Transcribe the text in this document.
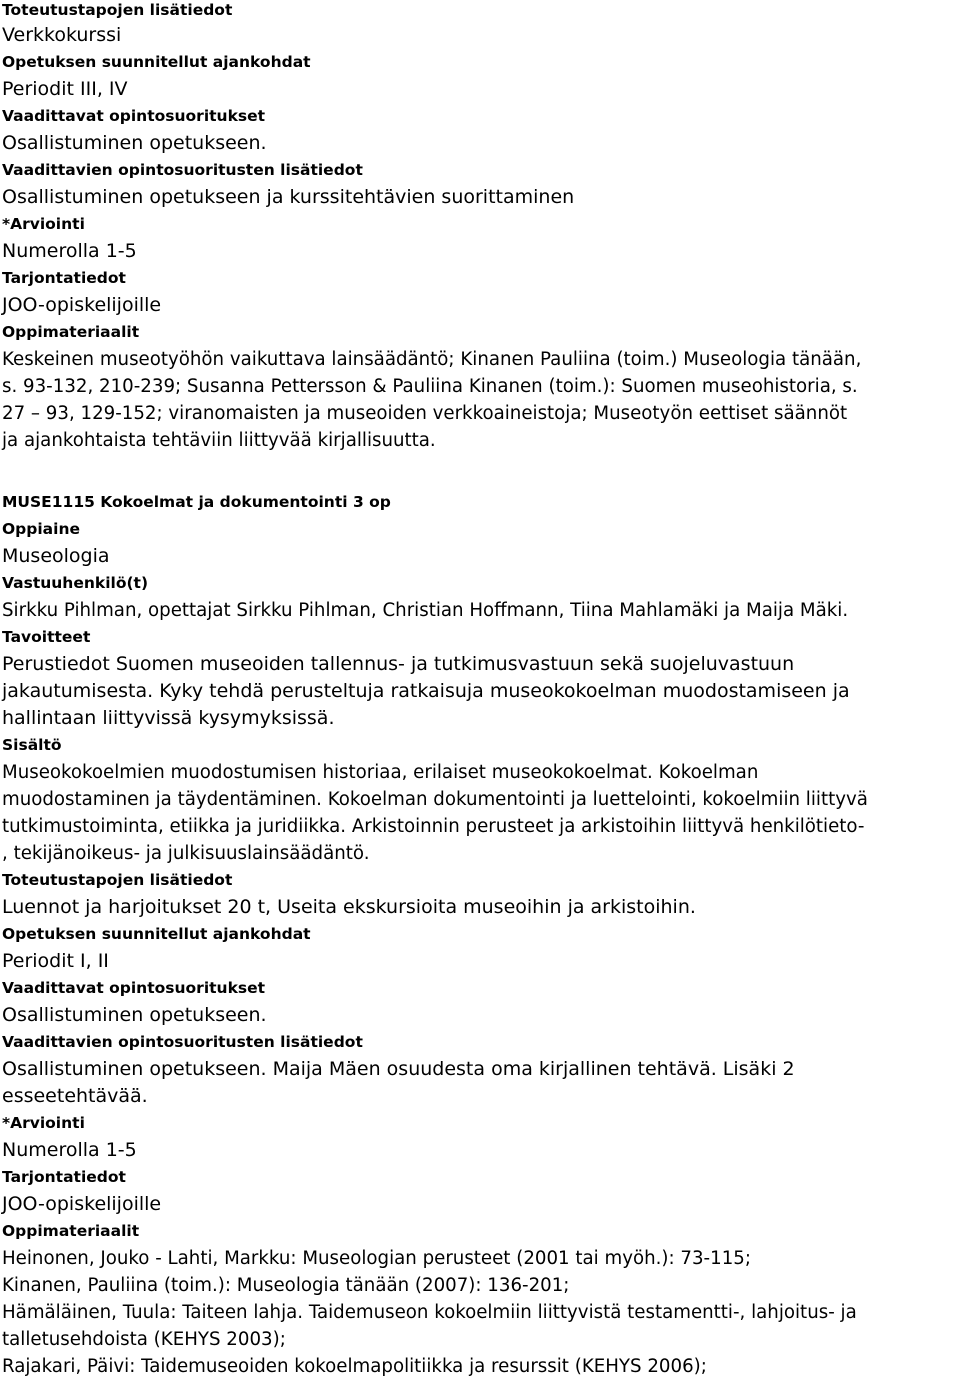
Toteutustapojen lisätiedot
Verkkokurssi
Opetuksen suunnitellut ajankohdat
Periodit III, IV
Vaadittavat opintosuoritukset
Osallistuminen opetukseen.
Vaadittavien opintosuoritusten lisätiedot
Osallistuminen opetukseen ja kurssitehtävien suorittaminen
*Arviointi
Numerolla 1-5
Tarjontatiedot
JOO-opiskelijoille
Oppimateriaalit
Keskeinen museotyöhön vaikuttava lainsäädäntö; Kinanen Pauliina (toim.) Museologia tänään,
s. 93-132, 210-239; Susanna Pettersson & Pauliina Kinanen (toim.): Suomen museohistoria, s.
27 – 93, 129-152; viranomaisten ja museoiden verkkoaineistoja; Museotyön eettiset säännöt
ja ajankohtaista tehtäviin liittyvää kirjallisuutta.
MUSE1115 Kokoelmat ja dokumentointi 3 op
Oppiaine
Museologia
Vastuuhenkilö(t)
Sirkku Pihlman, opettajat Sirkku Pihlman, Christian Hoffmann, Tiina Mahlamäki ja Maija Mäki.
Tavoitteet
Perustiedot Suomen museoiden tallennus- ja tutkimusvastuun sekä suojeluvastuun
jakautumisesta. Kyky tehdä perusteltuja ratkaisuja museokokoelman muodostamiseen ja
hallintaan liittyvissä kysymyksissä.
Sisältö
Museokokoelmien muodostumisen historiaa, erilaiset museokokoelmat. Kokoelman
muodostaminen ja täydentäminen. Kokoelman dokumentointi ja luettelointi, kokoelmiin liittyvä
tutkimustoiminta, etiikka ja juridiikka. Arkistoinnin perusteet ja arkistoihin liittyvä henkilötieto-
, tekijänoikeus- ja julkisuuslainsäädäntö.
Toteutustapojen lisätiedot
Luennot ja harjoitukset 20 t, Useita ekskursioita museoihin ja arkistoihin.
Opetuksen suunnitellut ajankohdat
Periodit I, II
Vaadittavat opintosuoritukset
Osallistuminen opetukseen.
Vaadittavien opintosuoritusten lisätiedot
Osallistuminen opetukseen. Maija Mäen osuudesta oma kirjallinen tehtävä. Lisäki 2
esseetehtävää.
*Arviointi
Numerolla 1-5
Tarjontatiedot
JOO-opiskelijoille
Oppimateriaalit
Heinonen, Jouko - Lahti, Markku: Museologian perusteet (2001 tai myöh.): 73-115;
Kinanen, Pauliina (toim.): Museologia tänään (2007): 136-201;
Hämäläinen, Tuula: Taiteen lahja. Taidemuseon kokoelmiin liittyvistä testamentti-, lahjoitus- ja
talletusehdoista (KEHYS 2003);
Rajakari, Päivi: Taidemuseoiden kokoelmapolitiikka ja resurssit (KEHYS 2006);
